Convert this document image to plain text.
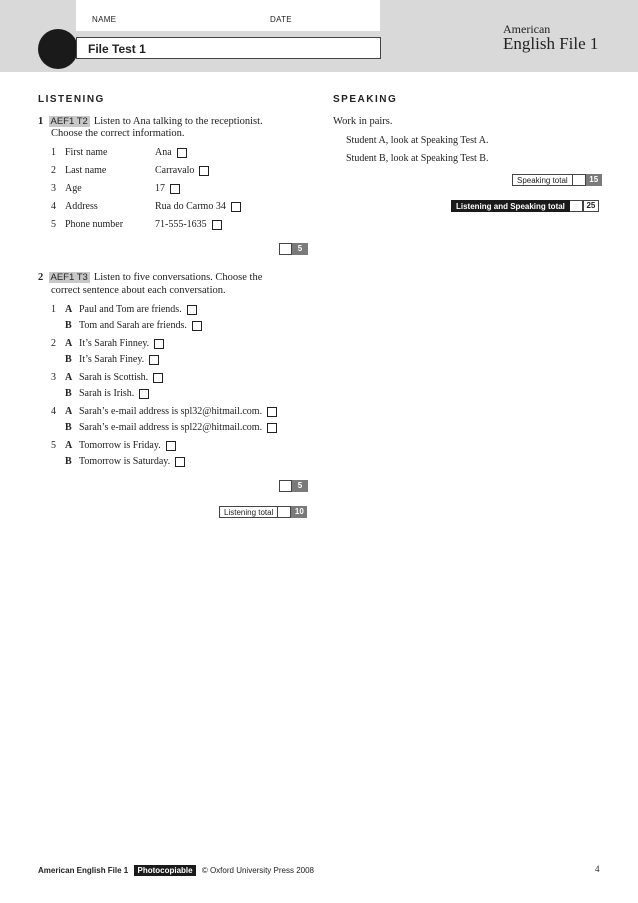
NAME	DATE
File Test 1
American
English File 1
LISTENING
1 AEF1 T2 Listen to Ana talking to the receptionist.
Choose the correct information.
1 First name	Ana
2 Last name	Carravalo
3 Age	17
4 Address	Rua do Carmo 34
5 Phone number	71-555-1635
5
2 AEF1 T3 Listen to five conversations. Choose the
correct sentence about each conversation.
1 A Paul and Tom are friends.
B Tom and Sarah are friends.
2 A It’s Sarah Finney.
B It’s Sarah Finey.
3 A Sarah is Scottish.
B Sarah is Irish.
4 A Sarah’s e-mail address is spl32@hitmail.com.
B Sarah’s e-mail address is spl22@hitmail.com.
5 A Tomorrow is Friday.
B Tomorrow is Saturday.
5
Listening total	10
SPEAKING
Work in pairs.
Student A, look at Speaking Test A.
Student B, look at Speaking Test B.
Speaking total	15
Listening and Speaking total	25
American English File 1 Photocopiable © Oxford University Press 2008	4
